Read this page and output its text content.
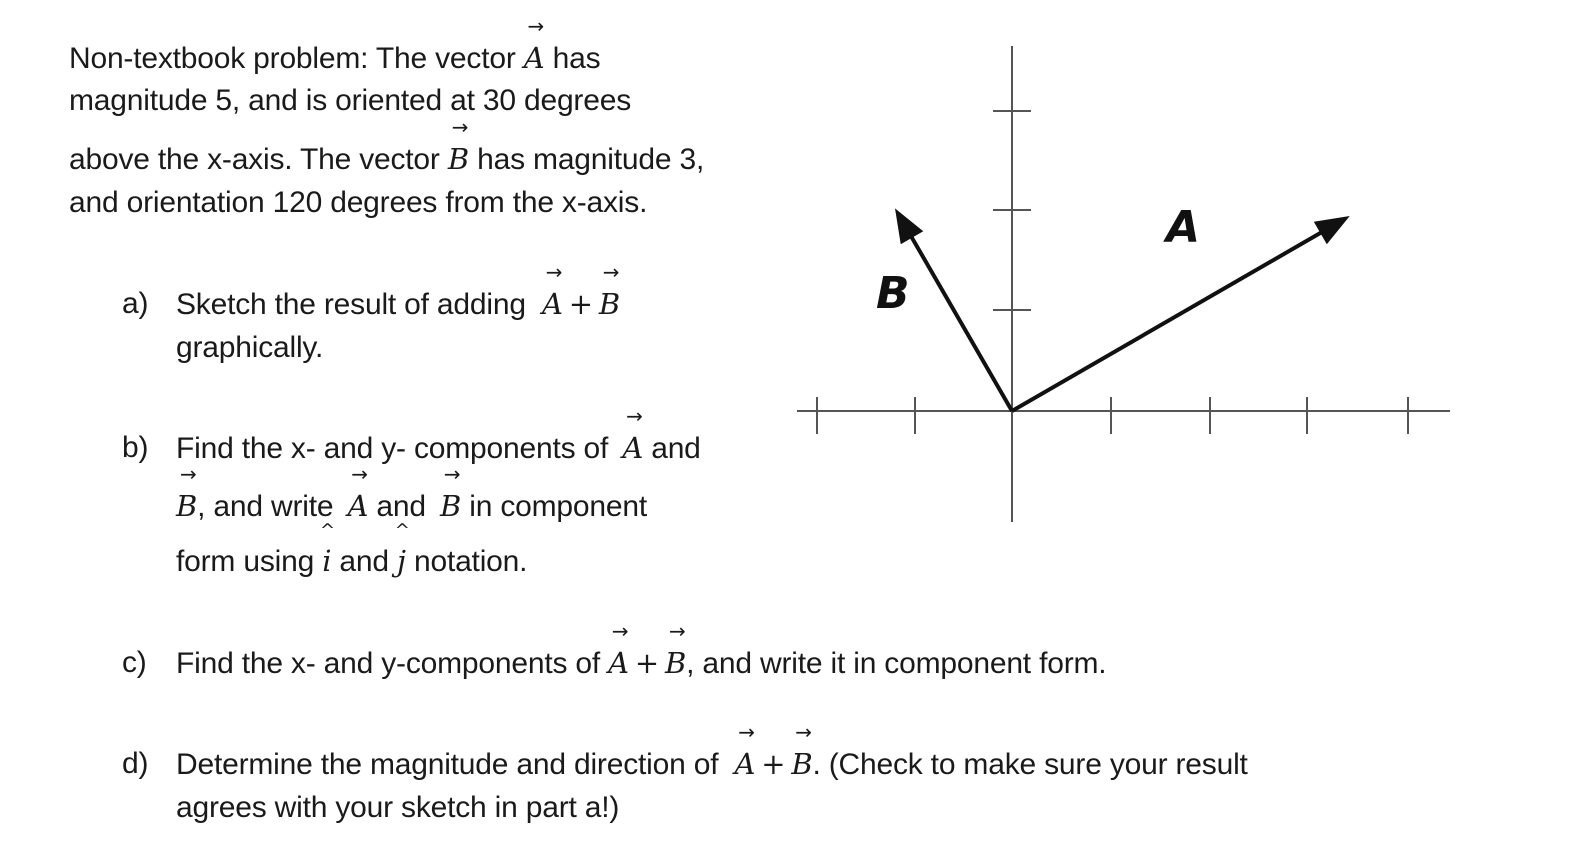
Non-textbook problem: The vector → A has
magnitude 5, and is oriented at 30 degrees
above the x-axis. The vector → B has magnitude 3,
and orientation 120 degrees from the x-axis.
a) Sketch the result of adding → A + → B
graphically.
b) Find the x- and y- components of → A and
→ B, and write → A and → B in component
form using ^ i and ^ j notation.
c) Find the x- and y-components of → A + → B, and write it in component form.
d) Determine the magnitude and direction of → A + → B. (Check to make sure your result
agrees with your sketch in part a!)
A
B
